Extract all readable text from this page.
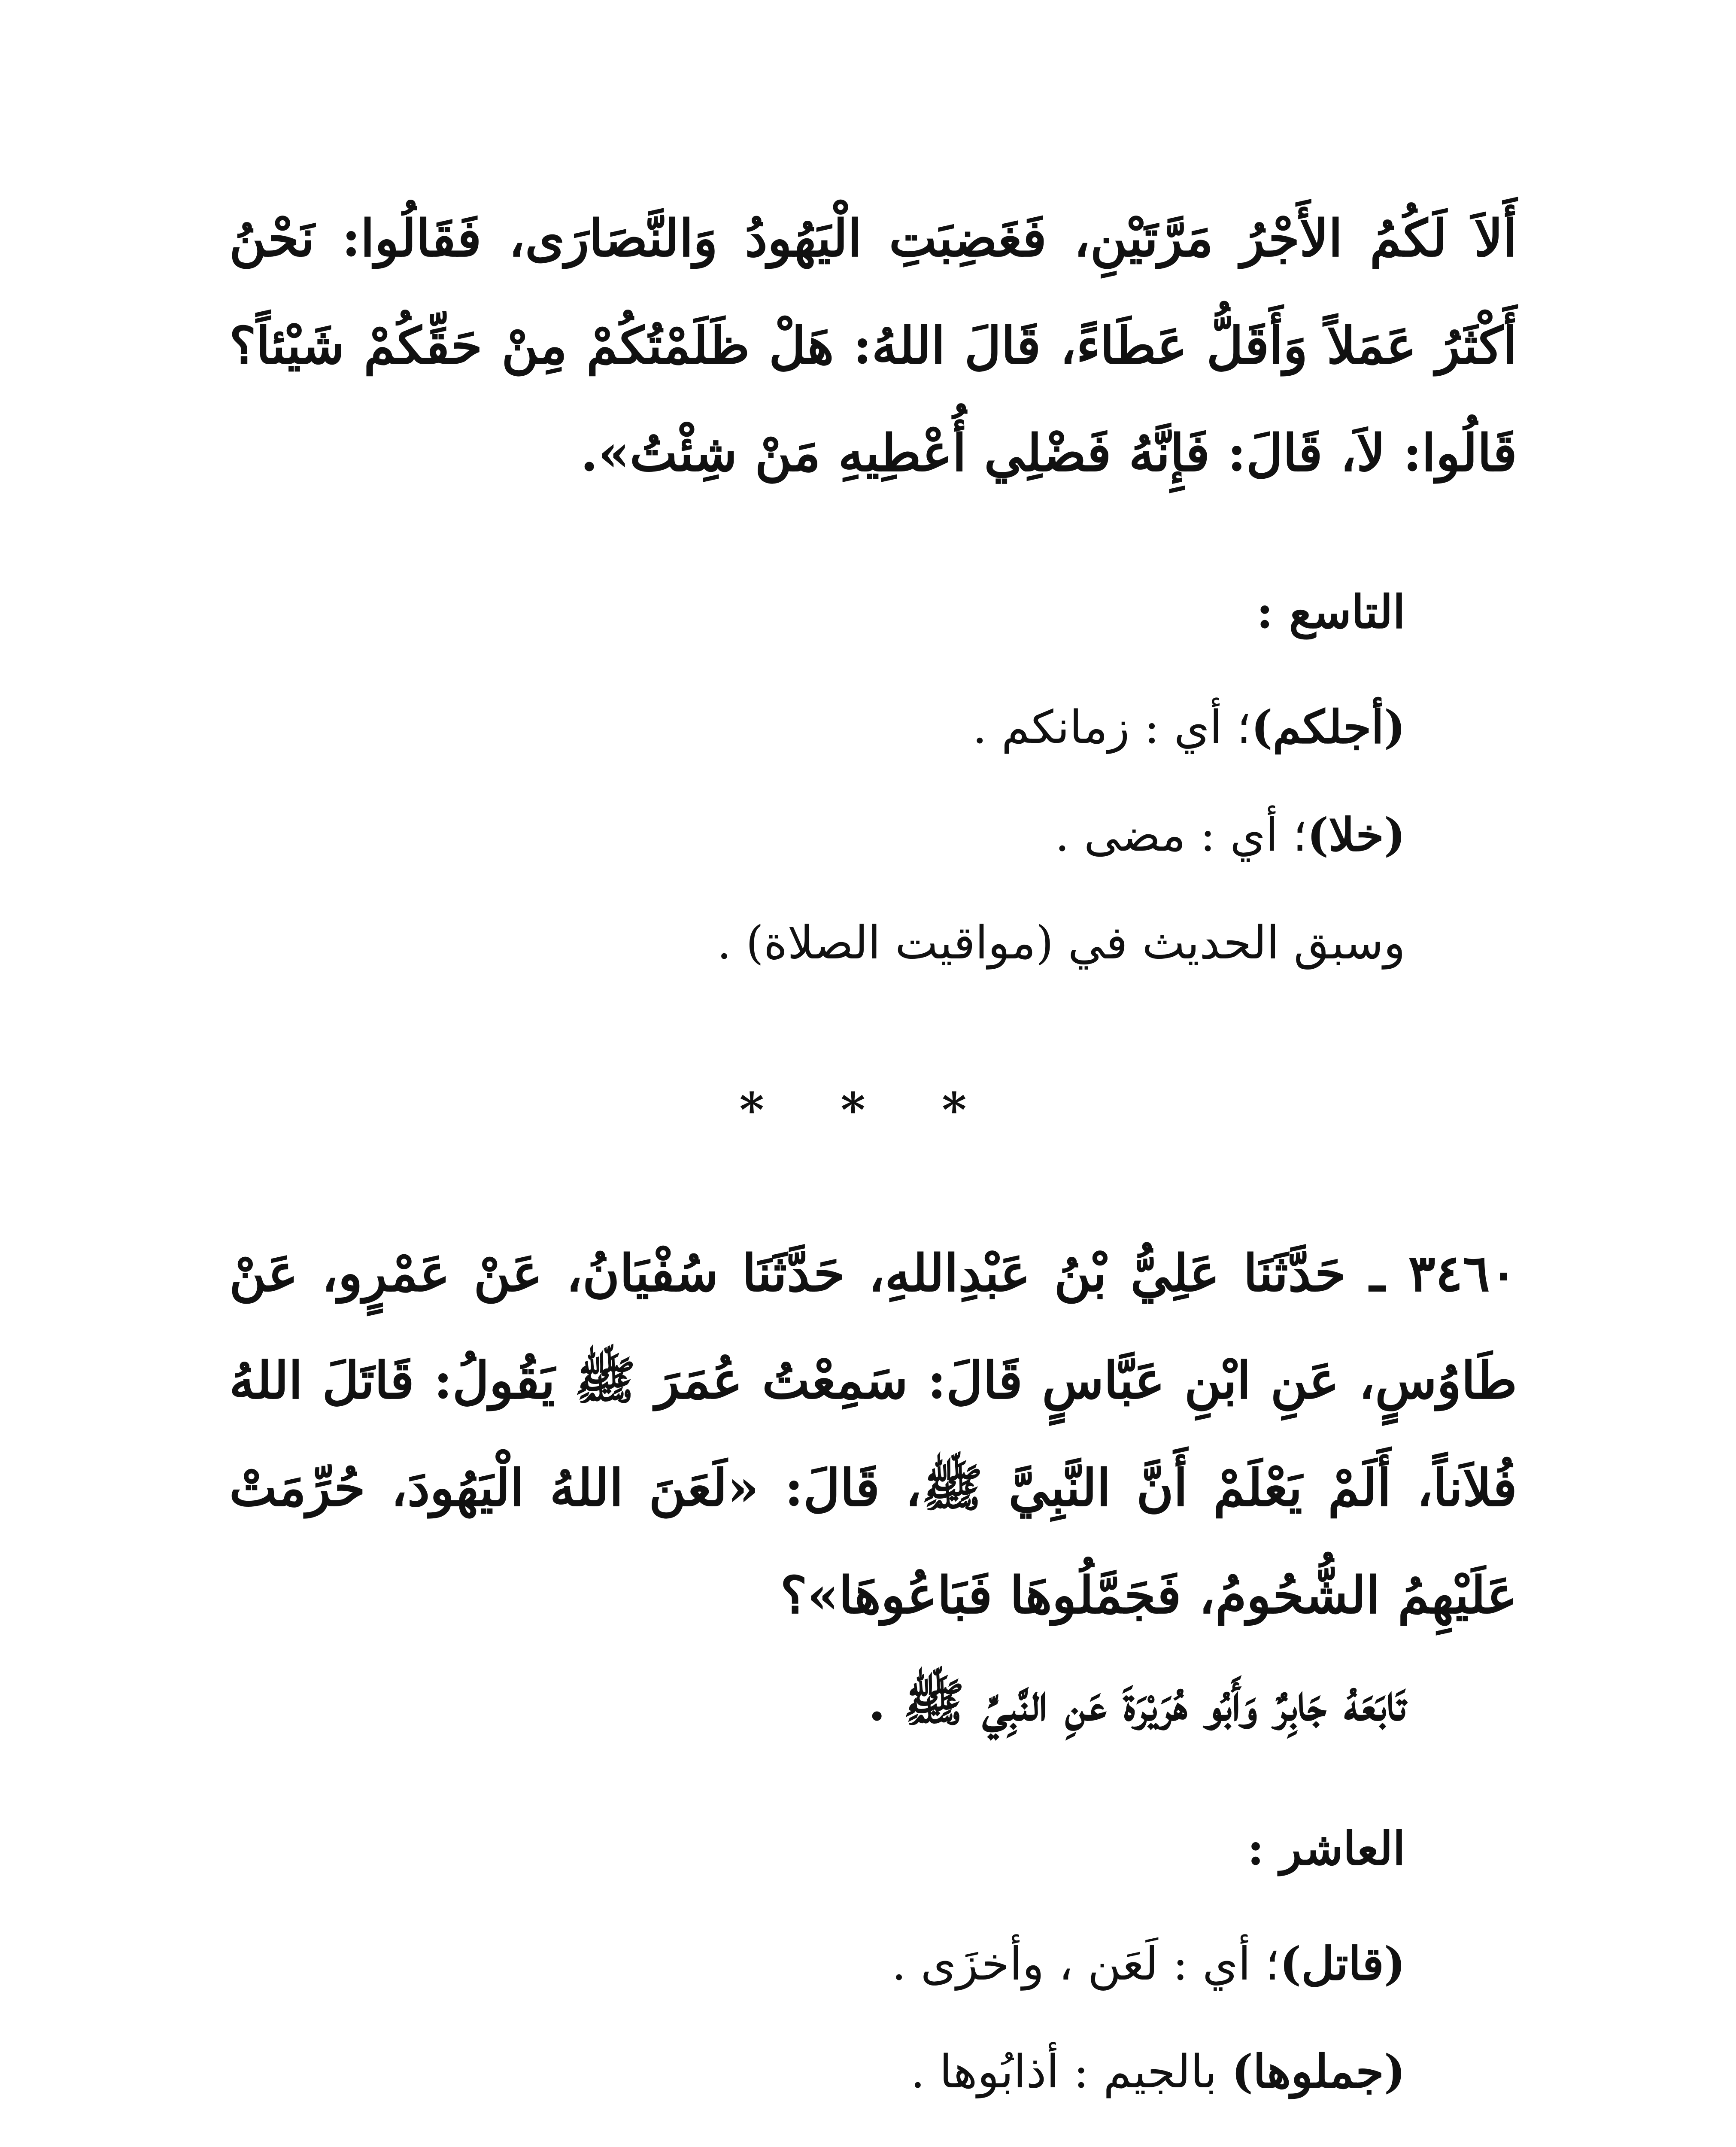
أَلاَ لَكُمُ الأَجْرُ مَرَّتَيْنِ، فَغَضِبَتِ الْيَهُودُ وَالنَّصَارَى، فَقَالُوا: نَحْنُ أَكْثَرُ عَمَلاً وَأَقَلُّ عَطَاءً، قَالَ اللهُ: هَلْ ظَلَمْتُكُمْ مِنْ حَقِّكُمْ شَيْئاً؟ قَالُوا: لاَ، قَالَ: فَإِنَّهُ فَضْلِي أُعْطِيهِ مَنْ شِئْتُ».

التاسع :
(أجلكم)؛ أي : زمانكم .
(خلا)؛ أي : مضى .
وسبق الحديث في (مواقيت الصلاة) .
* * *

٣٤٦٠ ـ حَدَّثَنَا عَلِيُّ بْنُ عَبْدِاللهِ، حَدَّثَنَا سُفْيَانُ، عَنْ عَمْرٍو، عَنْ طَاوُسٍ، عَنِ ابْنِ عَبَّاسٍ قَالَ: سَمِعْتُ عُمَرَ ﷺ يَقُولُ: قَاتَلَ اللهُ فُلاَناً، أَلَمْ يَعْلَمْ أَنَّ النَّبِيَّ ﷺ، قَالَ: «لَعَنَ اللهُ الْيَهُودَ، حُرِّمَتْ عَلَيْهِمُ الشُّحُومُ، فَجَمَّلُوهَا فَبَاعُوهَا»؟

تَابَعَهُ جَابِرٌ وَأَبُو هُرَيْرَةَ عَنِ النَّبِيِّ ﷺ .
العاشر :
(قاتل)؛ أي : لَعَن ، وأخزَى .
(جملوها) بالجيم : أذابُوها .
